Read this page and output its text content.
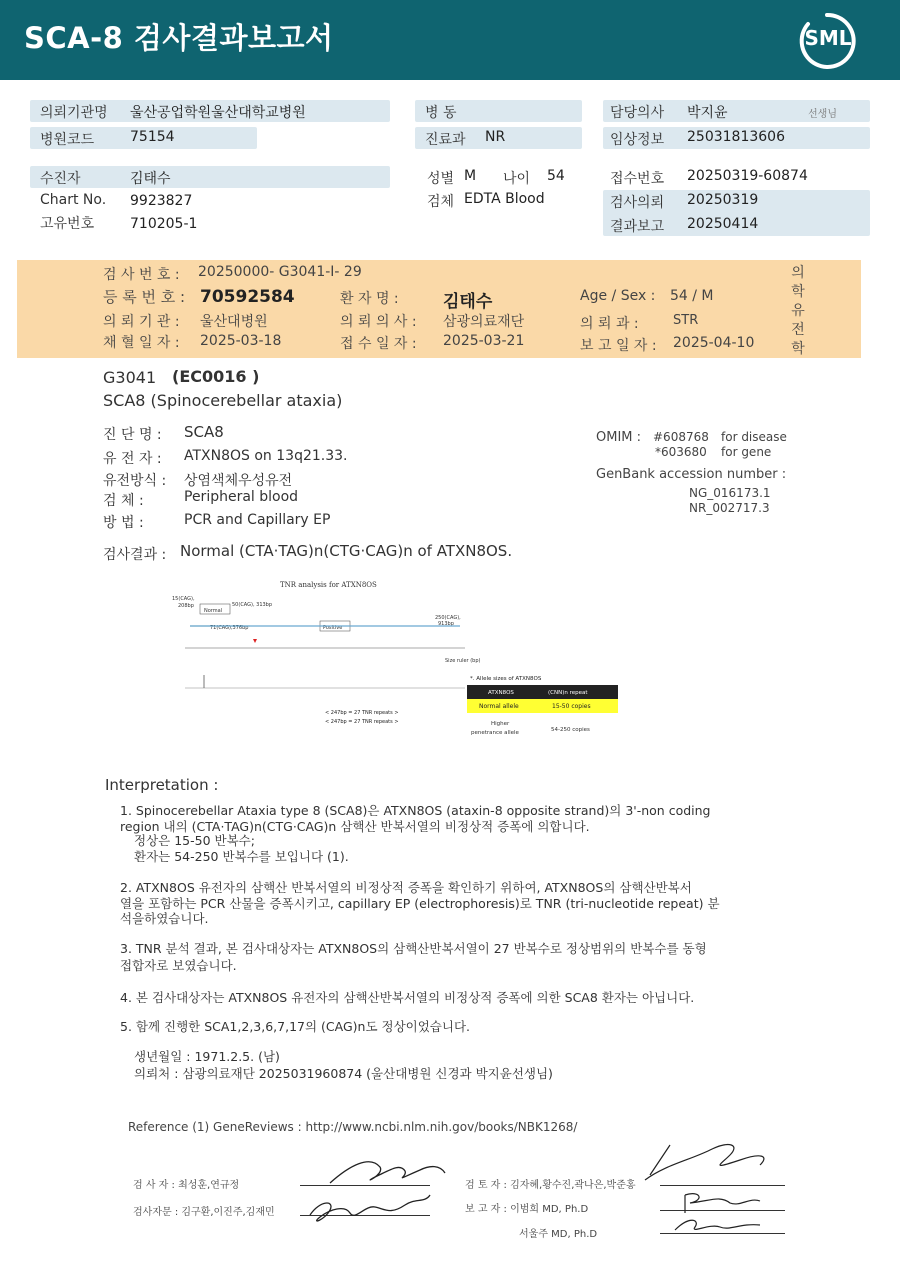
SCA-8 검사결과보고서	SML
의뢰기관명 울산공업학원울산대학교병원
병원코드	75154
병 동
진료과 NR
담당의사 박지윤	선생님
임상정보 25031813606
수진자	김태수
Chart No. 9923827
고유번호	710205-1
성별 M 나이 54
검체 EDTA Blood
접수번호 20250319-60874
검사의뢰 20250319
결과보고 20250414
검 사 번 호 : 20250000- G3041-I- 29
등 록 번 호 : 70592584	환 자 명 :	김태수	Age / Sex : 54 / M
의 뢰 기 관 : 울산대병원	의 뢰 의 사 : 삼광의료재단	의 뢰 과 :	STR
채 혈 일 자 : 2025-03-18	접 수 일 자 : 2025-03-21	보 고 일 자 : 2025-04-10
의학유전학
G3041 (EC0016 )
SCA8 (Spinocerebellar ataxia)
진 단 명 : SCA8
유 전 자 : ATXN8OS on 13q21.33.
유전방식 : 상염색체우성유전
검 체 :	Peripheral blood
방 법 :	PCR and Capillary EP
OMIM : #608768 for disease
*603680 for gene
GenBank accession number :
NG_016173.1
NR_002717.3
검사결과 : Normal (CTA·TAG)n(CTG·CAG)n of ATXN8OS.
TNR analysis for ATXN8OS
15(CAG),
208bp
Normal
50(CAG), 313bp
71(CAG),376bp	Positive
250(CAG),
913bp
Size ruler (bp)
< 247bp = 27 TNR repeats >
< 247bp = 27 TNR repeats >
*. Allele sizes of ATXN8OS
ATXN8OS	(CNN)n repeat
Normal allele	15-50 copies
Higher
penetrance allele	54-250 copies
Interpretation :
1. Spinocerebellar Ataxia type 8 (SCA8)은 ATXN8OS (ataxin-8 opposite strand)의 3'-non coding
region 내의 (CTA·TAG)n(CTG·CAG)n 삼핵산 반복서열의 비정상적 증폭에 의합니다.
정상은 15-50 반복수;
환자는 54-250 반복수를 보입니다 (1).
2. ATXN8OS 유전자의 삼핵산 반복서열의 비정상적 증폭을 확인하기 위하여, ATXN8OS의 삼핵산반복서
열을 포함하는 PCR 산물을 증폭시키고, capillary EP (electrophoresis)로 TNR (tri-nucleotide repeat) 분
석을하였습니다.
3. TNR 분석 결과, 본 검사대상자는 ATXN8OS의 삼핵산반복서열이 27 반복수로 정상범위의 반복수를 동형
접합자로 보였습니다.
4. 본 검사대상자는 ATXN8OS 유전자의 삼핵산반복서열의 비정상적 증폭에 의한 SCA8 환자는 아닙니다.
5. 함께 진행한 SCA1,2,3,6,7,17의 (CAG)n도 정상이었습니다.
생년월일 : 1971.2.5. (남)
의뢰처 : 삼광의료재단 2025031960874 (울산대병원 신경과 박지윤선생님)
Reference (1) GeneReviews : http://www.ncbi.nlm.nih.gov/books/NBK1268/
검 사 자 : 최성훈,연규정
검사자문 : 김구환,이진주,김재민
검 토 자 : 김자혜,황수진,곽나은,박준홍
보 고 자 : 이범희 MD, Ph.D
서울주 MD, Ph.D
